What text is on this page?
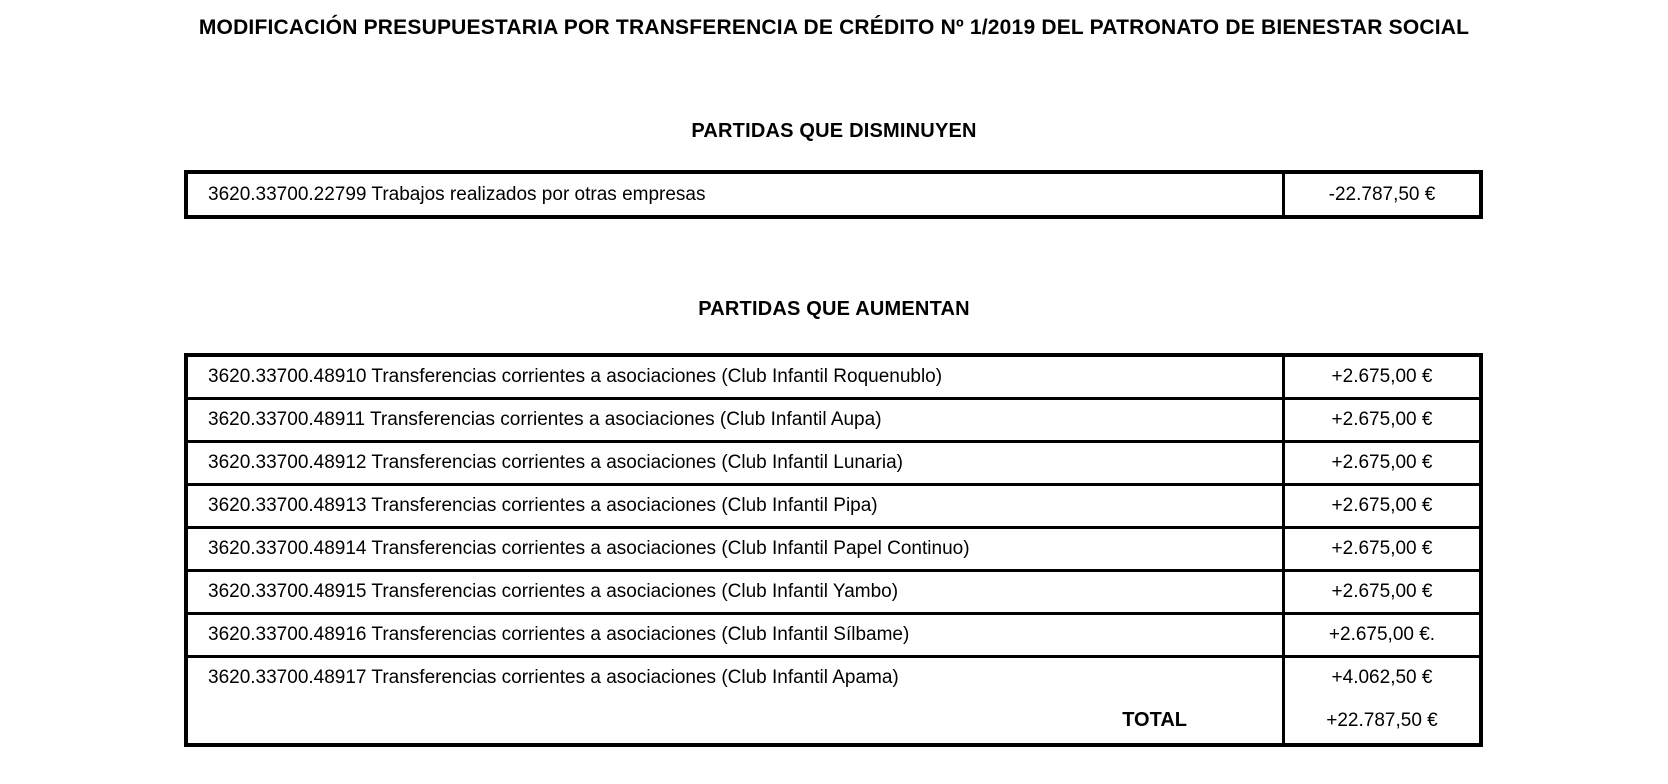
MODIFICACIÓN PRESUPUESTARIA POR TRANSFERENCIA DE CRÉDITO Nº 1/2019 DEL PATRONATO DE BIENESTAR SOCIAL
PARTIDAS QUE DISMINUYEN
3620.33700.22799 Trabajos realizados por otras empresas	-22.787,50 €
PARTIDAS QUE AUMENTAN
3620.33700.48910 Transferencias corrientes a asociaciones (Club Infantil Roquenublo)	+2.675,00 €
3620.33700.48911 Transferencias corrientes a asociaciones (Club Infantil Aupa)	+2.675,00 €
3620.33700.48912 Transferencias corrientes a asociaciones (Club Infantil Lunaria)	+2.675,00 €
3620.33700.48913 Transferencias corrientes a asociaciones (Club Infantil Pipa)	+2.675,00 €
3620.33700.48914 Transferencias corrientes a asociaciones (Club Infantil Papel Continuo)	+2.675,00 €
3620.33700.48915 Transferencias corrientes a asociaciones (Club Infantil Yambo)	+2.675,00 €
3620.33700.48916 Transferencias corrientes a asociaciones (Club Infantil Sílbame)	+2.675,00 €.
3620.33700.48917 Transferencias corrientes a asociaciones (Club Infantil Apama)	+4.062,50 €
TOTAL	+22.787,50 €
